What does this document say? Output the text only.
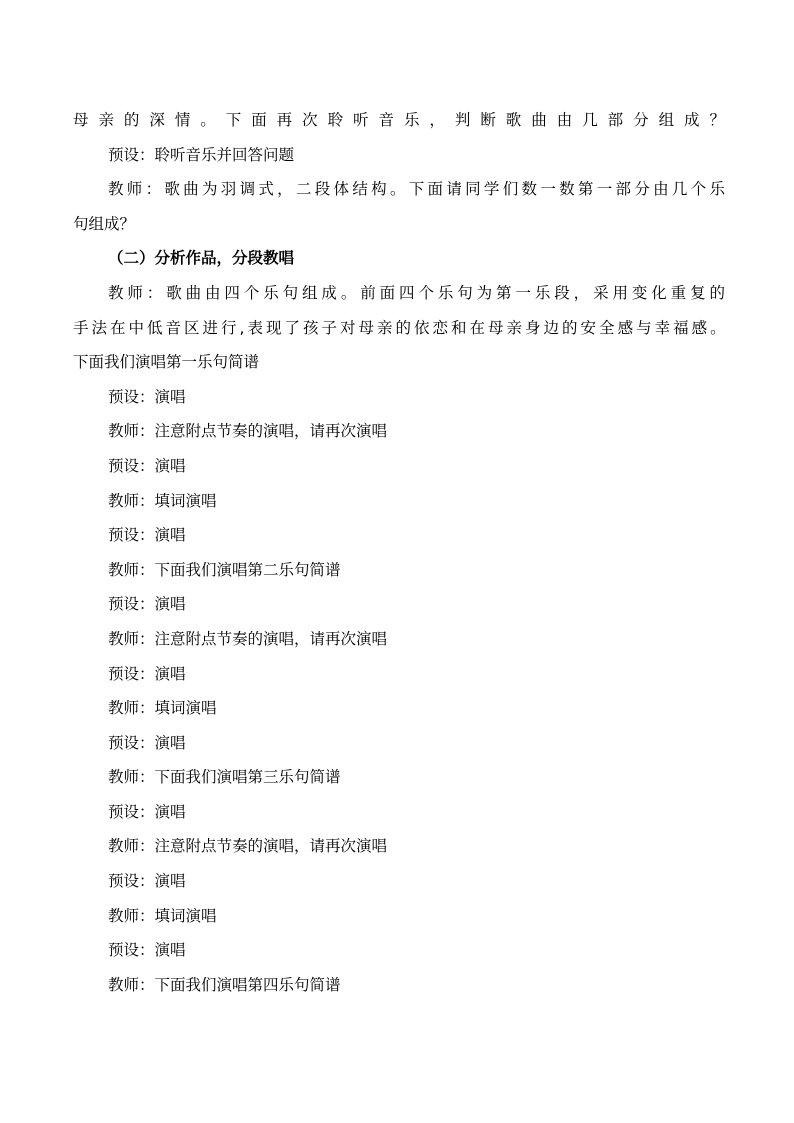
母亲的深情。下面再次聆听音乐，判断歌曲由几部分组成？
预设：聆听音乐并回答问题
教师：歌曲为羽调式，二段体结构。下面请同学们数一数第一部分由几个乐
句组成？
（二）分析作品，分段教唱
教师：歌曲由四个乐句组成。前面四个乐句为第一乐段，采用变化重复的
手法在中低音区进行,表现了孩子对母亲的依恋和在母亲身边的安全感与幸福感。
下面我们演唱第一乐句简谱
预设：演唱
教师：注意附点节奏的演唱，请再次演唱
预设：演唱
教师：填词演唱
预设：演唱
教师：下面我们演唱第二乐句简谱
预设：演唱
教师：注意附点节奏的演唱，请再次演唱
预设：演唱
教师：填词演唱
预设：演唱
教师：下面我们演唱第三乐句简谱
预设：演唱
教师：注意附点节奏的演唱，请再次演唱
预设：演唱
教师：填词演唱
预设：演唱
教师：下面我们演唱第四乐句简谱
